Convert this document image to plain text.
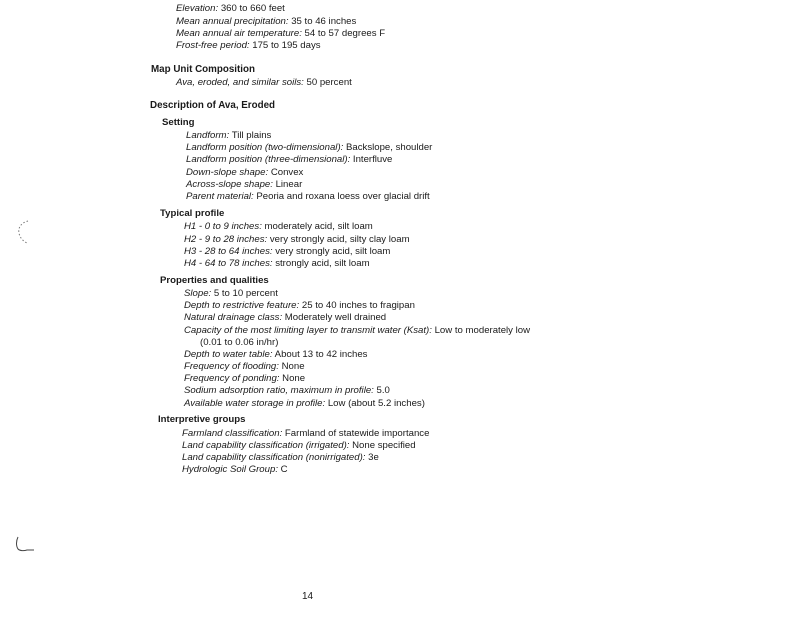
Elevation: 360 to 660 feet
Mean annual precipitation: 35 to 46 inches
Mean annual air temperature: 54 to 57 degrees F
Frost-free period: 175 to 195 days
Map Unit Composition
Ava, eroded, and similar soils: 50 percent
Description of Ava, Eroded
Setting
Landform: Till plains
Landform position (two-dimensional): Backslope, shoulder
Landform position (three-dimensional): Interfluve
Down-slope shape: Convex
Across-slope shape: Linear
Parent material: Peoria and roxana loess over glacial drift
Typical profile
H1 - 0 to 9 inches: moderately acid, silt loam
H2 - 9 to 28 inches: very strongly acid, silty clay loam
H3 - 28 to 64 inches: very strongly acid, silt loam
H4 - 64 to 78 inches: strongly acid, silt loam
Properties and qualities
Slope: 5 to 10 percent
Depth to restrictive feature: 25 to 40 inches to fragipan
Natural drainage class: Moderately well drained
Capacity of the most limiting layer to transmit water (Ksat): Low to moderately low
(0.01 to 0.06 in/hr)
Depth to water table: About 13 to 42 inches
Frequency of flooding: None
Frequency of ponding: None
Sodium adsorption ratio, maximum in profile: 5.0
Available water storage in profile: Low (about 5.2 inches)
Interpretive groups
Farmland classification: Farmland of statewide importance
Land capability classification (irrigated): None specified
Land capability classification (nonirrigated): 3e
Hydrologic Soil Group: C
14
